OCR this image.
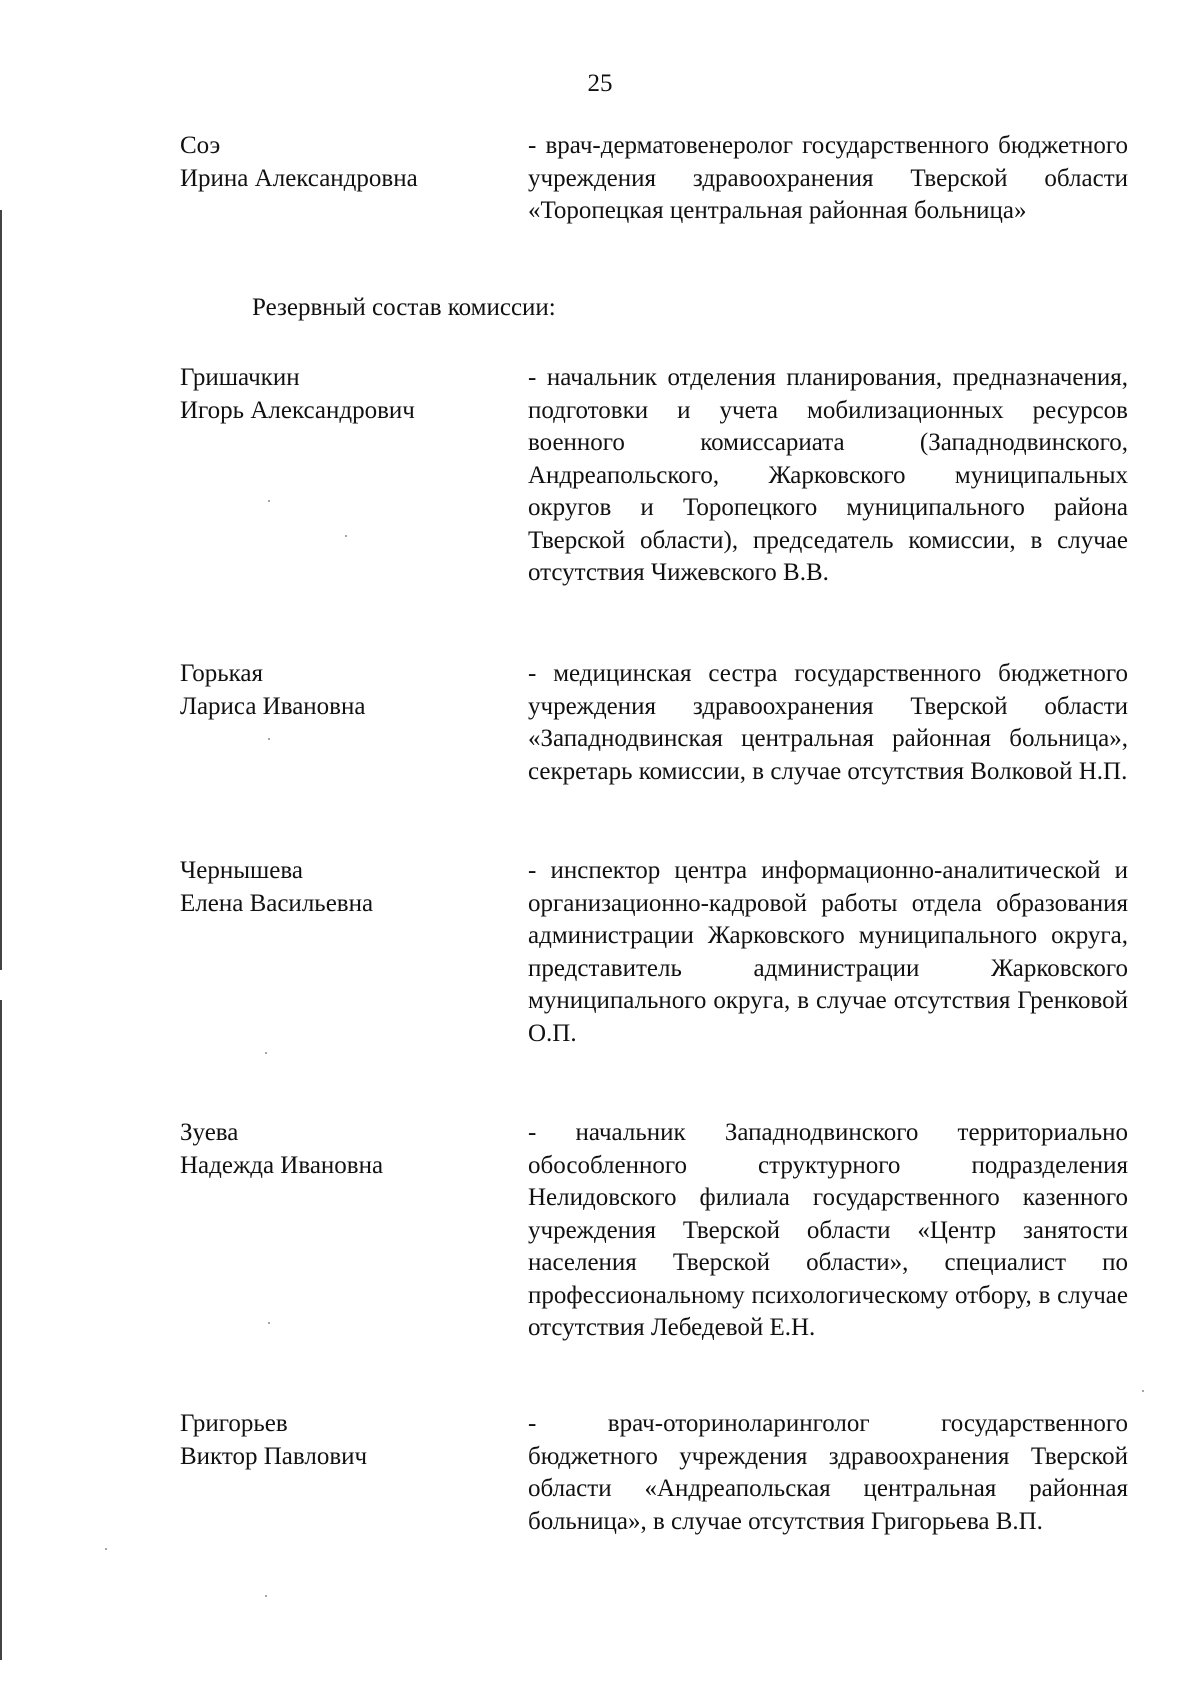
25
Соэ
Ирина Александровна
- врач-дерматовенеролог государственного бюджетного учреждения здравоохранения Тверской области «Торопецкая центральная районная больница»
Резервный состав комиссии:
Гришачкин
Игорь Александрович
- начальник отделения планирования, предназначения, подготовки и учета мобилизационных ресурсов военного комиссариата (Западнодвинского, Андреапольского, Жарковского муниципальных округов и Торопецкого муниципального района Тверской области), председатель комиссии, в случае отсутствия Чижевского В.В.
Горькая
Лариса Ивановна
- медицинская сестра государственного бюджетного учреждения здравоохранения Тверской области «Западнодвинская центральная районная больница», секретарь комиссии, в случае отсутствия Волковой Н.П.
Чернышева
Елена Васильевна
- инспектор центра информационно-аналитической и организационно-кадровой работы отдела образования администрации Жарковского муниципального округа, представитель администрации Жарковского муниципального округа, в случае отсутствия Гренковой О.П.
Зуева
Надежда Ивановна
- начальник Западнодвинского территориально обособленного структурного подразделения Нелидовского филиала государственного казенного учреждения Тверской области «Центр занятости населения Тверской области», специалист по профессиональному психологическому отбору, в случае отсутствия Лебедевой Е.Н.
Григорьев
Виктор Павлович
- врач-оториноларинголог государственного бюджетного учреждения здравоохранения Тверской области «Андреапольская центральная районная больница», в случае отсутствия Григорьева В.П.
